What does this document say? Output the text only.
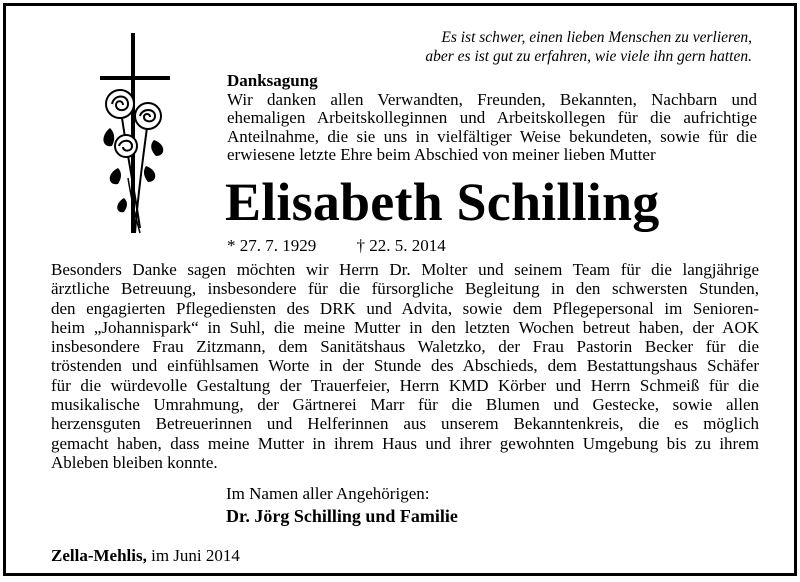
Es ist schwer, einen lieben Menschen zu verlieren,
aber es ist gut zu erfahren, wie viele ihn gern hatten.
Danksagung
Wir danken allen Verwandten, Freunden, Bekannten, Nachbarn und
ehemaligen Arbeitskolleginnen und Arbeitskollegen für die aufrichtige
Anteilnahme, die sie uns in vielfältiger Weise bekundeten, sowie für die
erwiesene letzte Ehre beim Abschied von meiner lieben Mutter
Elisabeth Schilling
* 27. 7. 1929 † 22. 5. 2014
Besonders Danke sagen möchten wir Herrn Dr. Molter und seinem Team für die langjährige
ärztliche Betreuung, insbesondere für die fürsorgliche Begleitung in den schwersten Stunden,
den engagierten Pflegediensten des DRK und Advita, sowie dem Pflegepersonal im Senioren-
heim „Johannispark“ in Suhl, die meine Mutter in den letzten Wochen betreut haben, der AOK
insbesondere Frau Zitzmann, dem Sanitätshaus Waletzko, der Frau Pastorin Becker für die
tröstenden und einfühlsamen Worte in der Stunde des Abschieds, dem Bestattungshaus Schäfer
für die würdevolle Gestaltung der Trauerfeier, Herrn KMD Körber und Herrn Schmeiß für die
musikalische Umrahmung, der Gärtnerei Marr für die Blumen und Gestecke, sowie allen
herzensguten Betreuerinnen und Helferinnen aus unserem Bekanntenkreis, die es möglich
gemacht haben, dass meine Mutter in ihrem Haus und ihrer gewohnten Umgebung bis zu ihrem
Ableben bleiben konnte.
Im Namen aller Angehörigen:
Dr. Jörg Schilling und Familie
Zella-Mehlis, im Juni 2014
